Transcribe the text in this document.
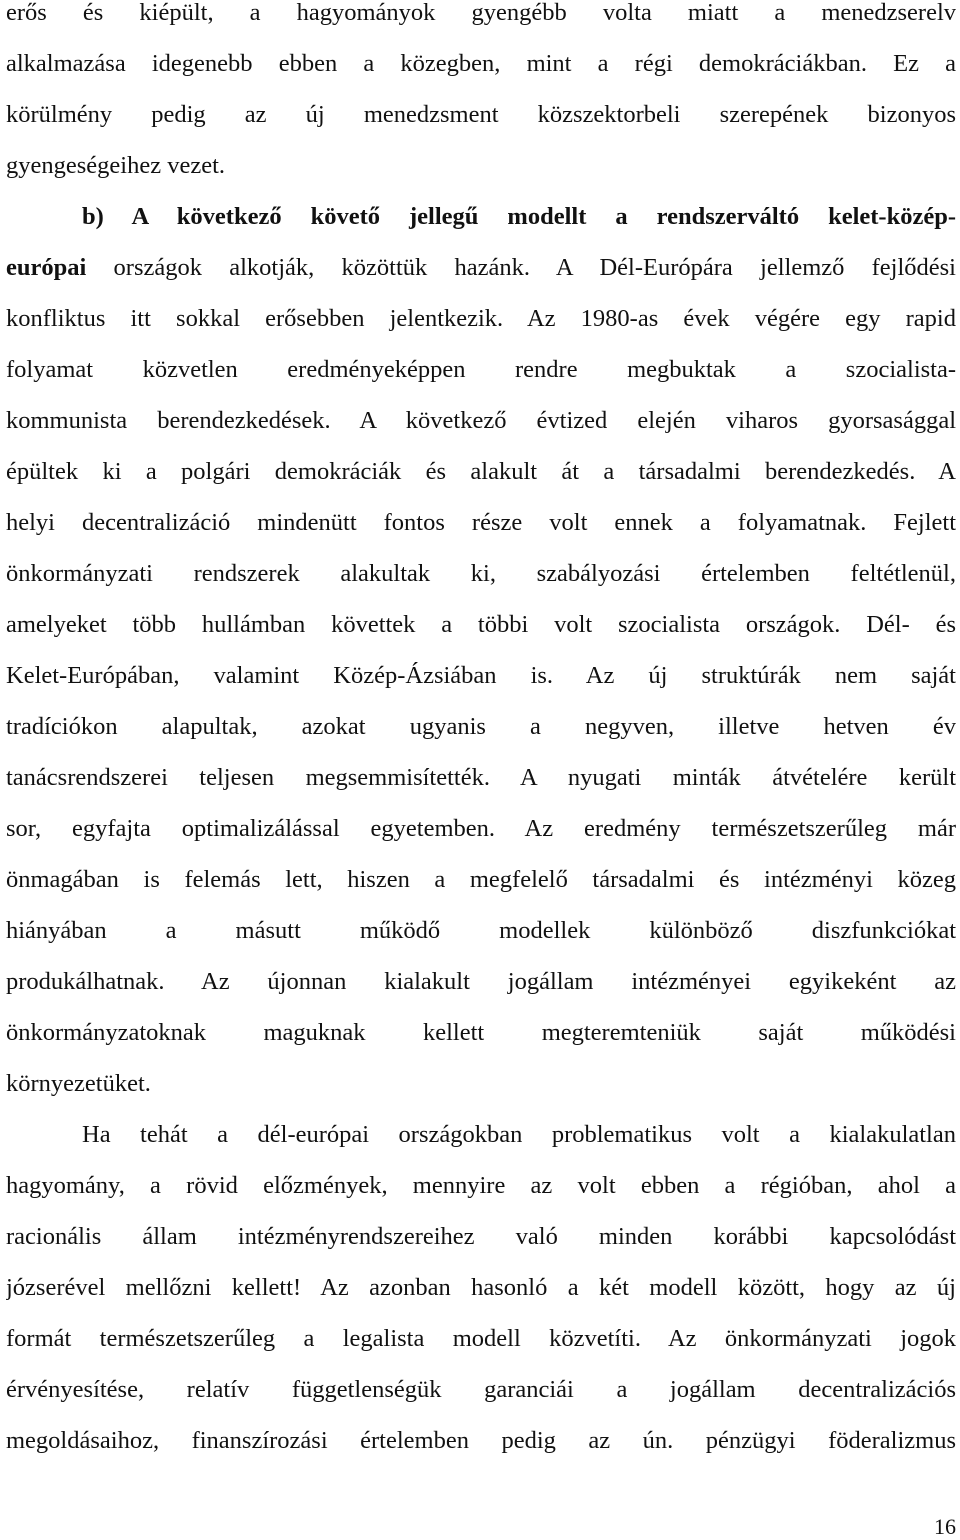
erős és kiépült, a hagyományok gyengébb volta miatt a menedzserelv
alkalmazása idegenebb ebben a közegben, mint a régi demokráciákban. Ez a
körülmény pedig az új menedzsment közszektorbeli szerepének bizonyos
gyengeségeihez vezet.
b) A következő követő jellegű modellt a rendszerváltó kelet-közép-
európai országok alkotják, közöttük hazánk. A Dél-Európára jellemző fejlődési
konfliktus itt sokkal erősebben jelentkezik. Az 1980-as évek végére egy rapid
folyamat közvetlen eredményeképpen rendre megbuktak a szocialista-
kommunista berendezkedések. A következő évtized elején viharos gyorsasággal
épültek ki a polgári demokráciák és alakult át a társadalmi berendezkedés. A
helyi decentralizáció mindenütt fontos része volt ennek a folyamatnak. Fejlett
önkormányzati rendszerek alakultak ki, szabályozási értelemben feltétlenül,
amelyeket több hullámban követtek a többi volt szocialista országok. Dél- és
Kelet-Európában, valamint Közép-Ázsiában is. Az új struktúrák nem saját
tradíciókon alapultak, azokat ugyanis a negyven, illetve hetven év
tanácsrendszerei teljesen megsemmisítették. A nyugati minták átvételére került
sor, egyfajta optimalizálással egyetemben. Az eredmény természetszerűleg már
önmagában is felemás lett, hiszen a megfelelő társadalmi és intézményi közeg
hiányában a másutt működő modellek különböző diszfunkciókat
produkálhatnak. Az újonnan kialakult jogállam intézményei egyikeként az
önkormányzatoknak maguknak kellett megteremteniük saját működési
környezetüket.
Ha tehát a dél-európai országokban problematikus volt a kialakulatlan
hagyomány, a rövid előzmények, mennyire az volt ebben a régióban, ahol a
racionális állam intézményrendszereihez való minden korábbi kapcsolódást
józserével mellőzni kellett! Az azonban hasonló a két modell között, hogy az új
formát természetszerűleg a legalista modell közvetíti. Az önkormányzati jogok
érvényesítése, relatív függetlenségük garanciái a jogállam decentralizációs
megoldásaihoz, finanszírozási értelemben pedig az ún. pénzügyi föderalizmus
16
